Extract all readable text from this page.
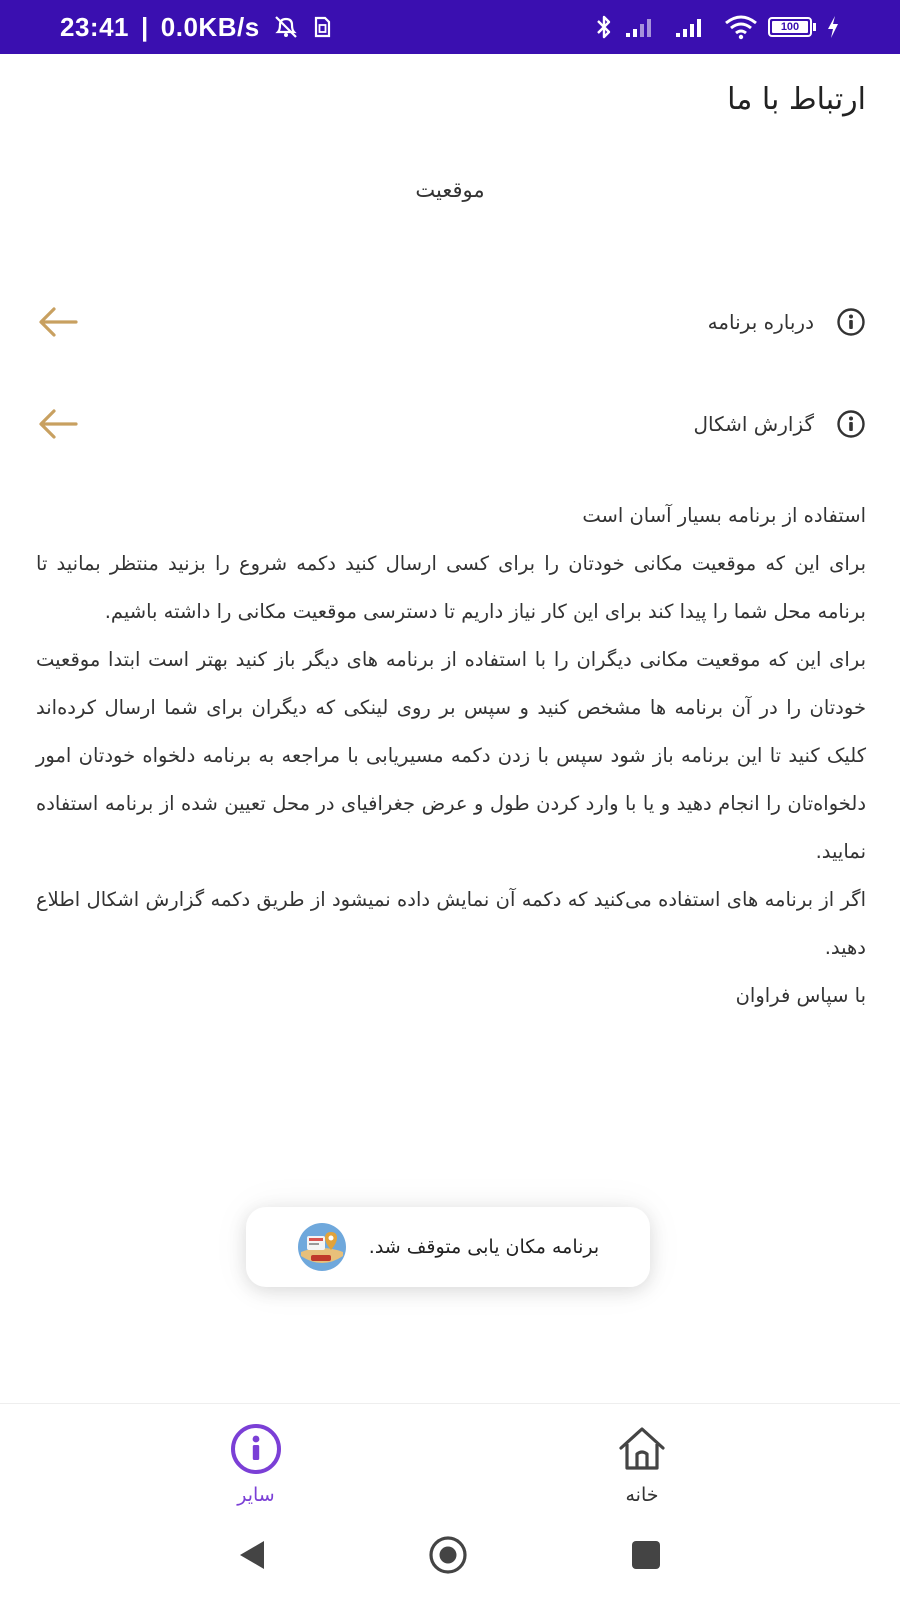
23:41 | 0.0KB/s	100
ارتباط با ما
موقعیت
درباره برنامه
گزارش اشکال

استفاده از برنامه بسیار آسان است

برای این که موقعیت مکانی خودتان را برای کسی ارسال کنید دکمه شروع را بزنید منتظر بمانید تا برنامه محل شما را پیدا کند برای این کار نیاز داریم تا دسترسی موقعیت مکانی را داشته باشیم.

برای این که موقعیت مکانی دیگران را با استفاده از برنامه های دیگر باز کنید بهتر است ابتدا موقعیت خودتان را در آن برنامه ها مشخص کنید و سپس بر روی لینکی که دیگران برای شما ارسال کرده‌اند کلیک کنید تا این برنامه باز شود سپس با زدن دکمه مسیریابی با مراجعه به برنامه دلخواه خودتان امور دلخواه‌تان را انجام دهید و یا با وارد کردن طول و عرض جغرافیای در محل تعیین شده از برنامه استفاده نمایید.

اگر از برنامه های استفاده می‌کنید که دکمه آن نمایش داده نمیشود از طریق دکمه گزارش اشکال اطلاع دهید.

با سپاس فراوان

برنامه مکان یابی متوقف شد.
سایر	خانه
